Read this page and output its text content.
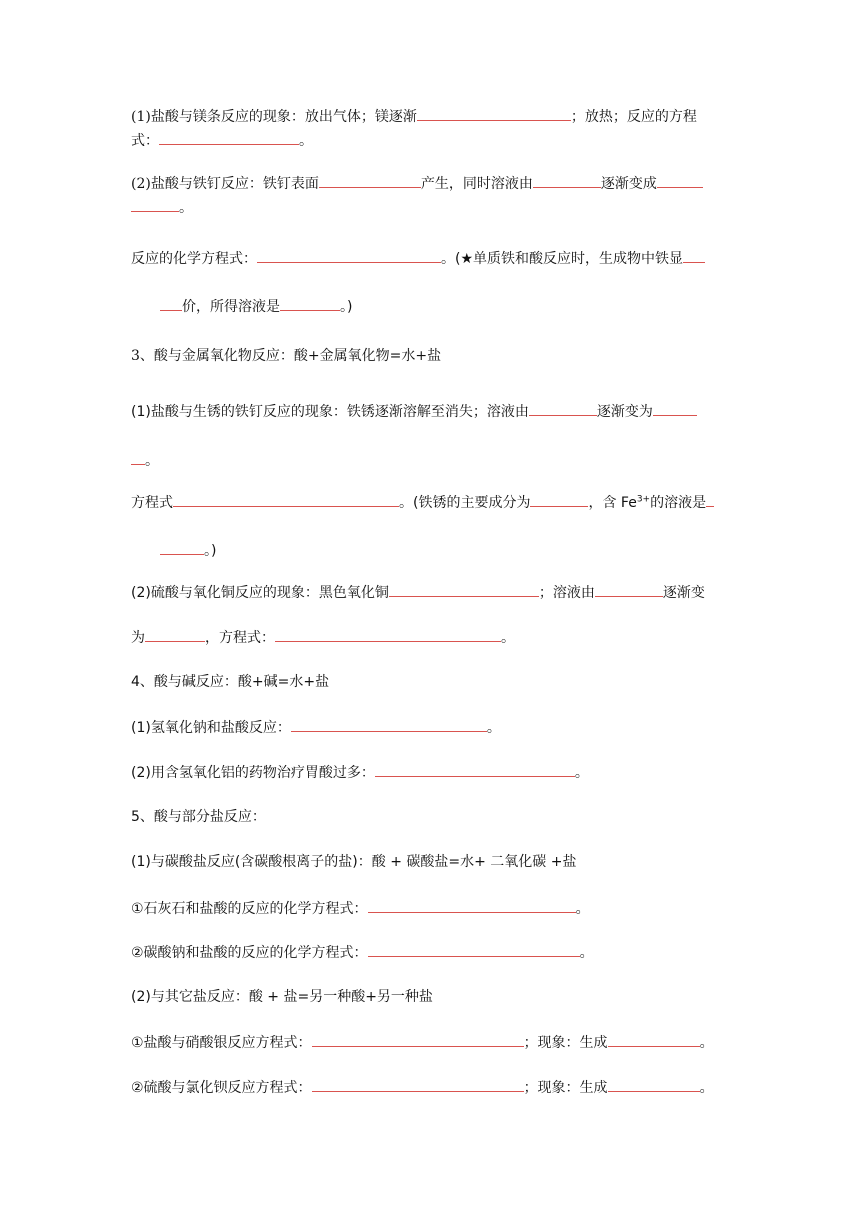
(1)盐酸与镁条反应的现象：放出气体；镁逐渐	；放热；反应的方程
式：	。
(2)盐酸与铁钉反应：铁钉表面	产生，同时溶液由	逐渐变成
。
反应的化学方程式：	。(★单质铁和酸反应时，生成物中铁显
价，所得溶液是	。)
3、酸与金属氧化物反应：酸+金属氧化物=水+盐
(1)盐酸与生锈的铁钉反应的现象：铁锈逐渐溶解至消失；溶液由	逐渐变为
。
方程式	。(铁锈的主要成分为	，含 $Fe^{3+}$的溶液是
。)
(2)硫酸与氧化铜反应的现象：黑色氧化铜	；溶液由	逐渐变
为	，方程式：	。
4、酸与碱反应：酸+碱=水+盐
(1)氢氧化钠和盐酸反应：	。
(2)用含氢氧化铝的药物治疗胃酸过多：	。
5、酸与部分盐反应：
(1)与碳酸盐反应(含碳酸根离子的盐)：酸 + 碳酸盐=水+ 二氧化碳 +盐
①石灰石和盐酸的反应的化学方程式：	。
②碳酸钠和盐酸的反应的化学方程式：	。
(2)与其它盐反应：酸 + 盐=另一种酸+另一种盐
①盐酸与硝酸银反应方程式：	；现象：生成	。
②硫酸与氯化钡反应方程式：	；现象：生成	。
